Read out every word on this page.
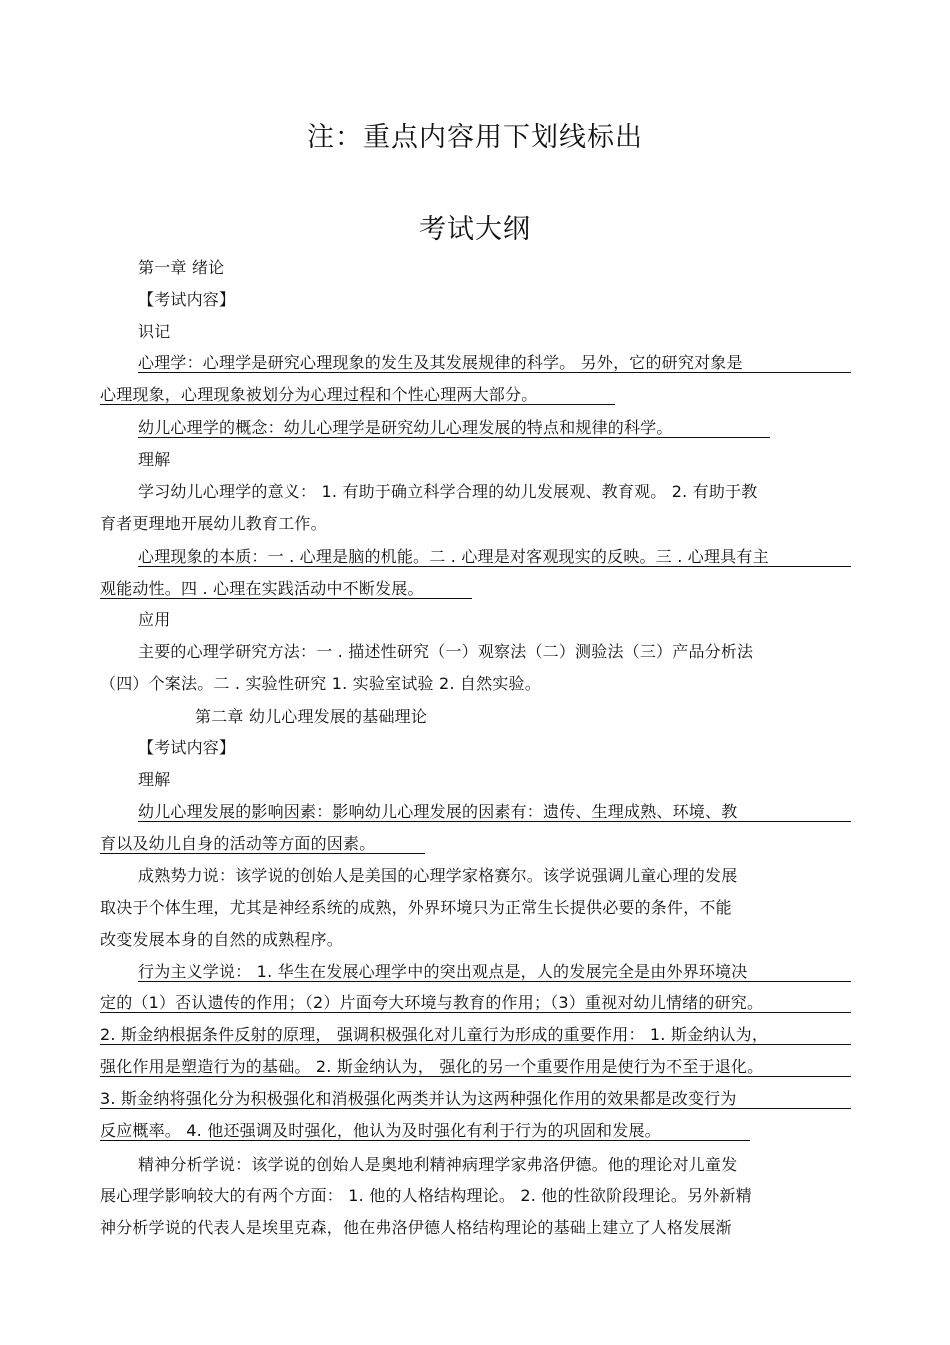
注：重点内容用下划线标出
考试大纲
第一章 绪论
【考试内容】
识记
心理学：心理学是研究心理现象的发生及其发展规律的科学。 另外，它的研究对象是
心理现象，心理现象被划分为心理过程和个性心理两大部分。
幼儿心理学的概念：幼儿心理学是研究幼儿心理发展的特点和规律的科学。
理解
学习幼儿心理学的意义： 1. 有助于确立科学合理的幼儿发展观、教育观。 2. 有助于教
育者更理地开展幼儿教育工作。
心理现象的本质：一 . 心理是脑的机能。二 . 心理是对客观现实的反映。三 . 心理具有主
观能动性。四 . 心理在实践活动中不断发展。
应用
主要的心理学研究方法：一 . 描述性研究（一）观察法（二）测验法（三）产品分析法
（四）个案法。二 . 实验性研究 1. 实验室试验 2. 自然实验。
第二章 幼儿心理发展的基础理论
【考试内容】
理解
幼儿心理发展的影响因素：影响幼儿心理发展的因素有：遗传、生理成熟、环境、教
育以及幼儿自身的活动等方面的因素。
成熟势力说：该学说的创始人是美国的心理学家格赛尔。该学说强调儿童心理的发展
取决于个体生理，尤其是神经系统的成熟，外界环境只为正常生长提供必要的条件，不能
改变发展本身的自然的成熟程序。
行为主义学说： 1. 华生在发展心理学中的突出观点是，人的发展完全是由外界环境决
定的（1）否认遗传的作用；（2）片面夸大环境与教育的作用；（3）重视对幼儿情绪的研究。
2. 斯金纳根据条件反射的原理， 强调积极强化对儿童行为形成的重要作用： 1. 斯金纳认为，
强化作用是塑造行为的基础。 2. 斯金纳认为， 强化的另一个重要作用是使行为不至于退化。
3. 斯金纳将强化分为积极强化和消极强化两类并认为这两种强化作用的效果都是改变行为
反应概率。 4. 他还强调及时强化，他认为及时强化有利于行为的巩固和发展。
精神分析学说：该学说的创始人是奥地利精神病理学家弗洛伊德。他的理论对儿童发
展心理学影响较大的有两个方面： 1. 他的人格结构理论。 2. 他的性欲阶段理论。另外新精
神分析学说的代表人是埃里克森，他在弗洛伊德人格结构理论的基础上建立了人格发展渐
